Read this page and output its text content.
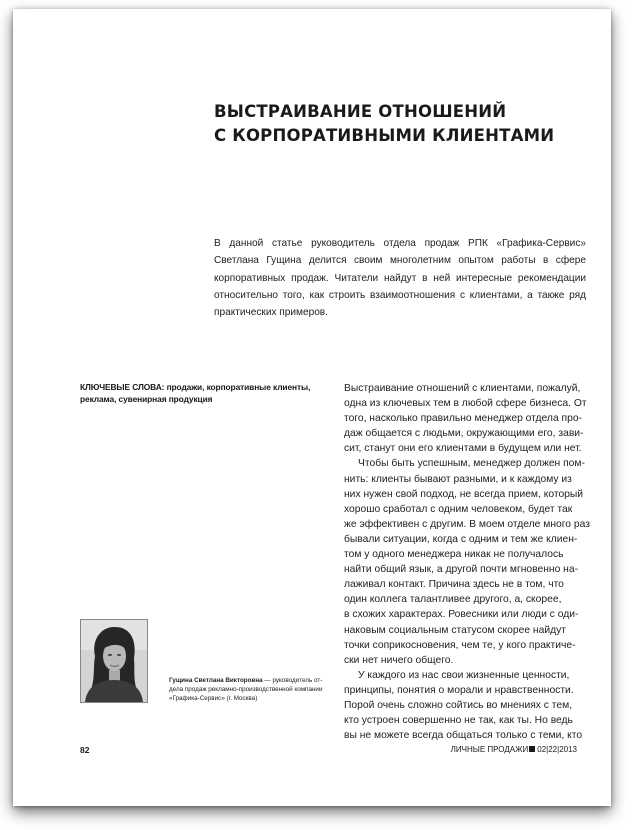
ВЫСТРАИВАНИЕ ОТНОШЕНИЙ
С КОРПОРАТИВНЫМИ КЛИЕНТАМИ

В данной статье руководитель отдела продаж РПК «Графика-Сервис» Светлана Гущина делится своим многолетним опытом работы в сфере корпоративных продаж. Читатели найдут в ней интересные рекомендации относительно того, как строить взаимоотношения с клиентами, а также ряд практических примеров.

КЛЮЧЕВЫЕ СЛОВА: продажи, корпоративные клиенты, реклама, сувенирная продукция

Выстраивание отношений с клиентами, пожалуй,
одна из ключевых тем в любой сфере бизнеса. От
того, насколько правильно менеджер отдела про-
даж общается с людьми, окружающими его, зави-
сит, станут они его клиентами в будущем или нет.
Чтобы быть успешным, менеджер должен пом-
нить: клиенты бывают разными, и к каждому из
них нужен свой подход, не всегда прием, который
хорошо сработал с одним человеком, будет так
же эффективен с другим. В моем отделе много раз
бывали ситуации, когда с одним и тем же клиен-
том у одного менеджера никак не получалось
найти общий язык, а другой почти мгновенно на-
лаживал контакт. Причина здесь не в том, что
один коллега талантливее другого, а, скорее,
в схожих характерах. Ровесники или люди с оди-
наковым социальным статусом скорее найдут
точки соприкосновения, чем те, у кого практиче-
ски нет ничего общего.
У каждого из нас свои жизненные ценности,
принципы, понятия о морали и нравственности.
Порой очень сложно сойтись во мнениях с тем,
кто устроен совершенно не так, как ты. Но ведь
вы не можете всегда общаться только с теми, кто

Гущина Светлана Викторовна — руководитель от-
дела продаж рекламно-производственной компании
«Графика-Сервис» (г. Москва)

82	ЛИЧНЫЕ ПРОДАЖИ 02|22|2013
